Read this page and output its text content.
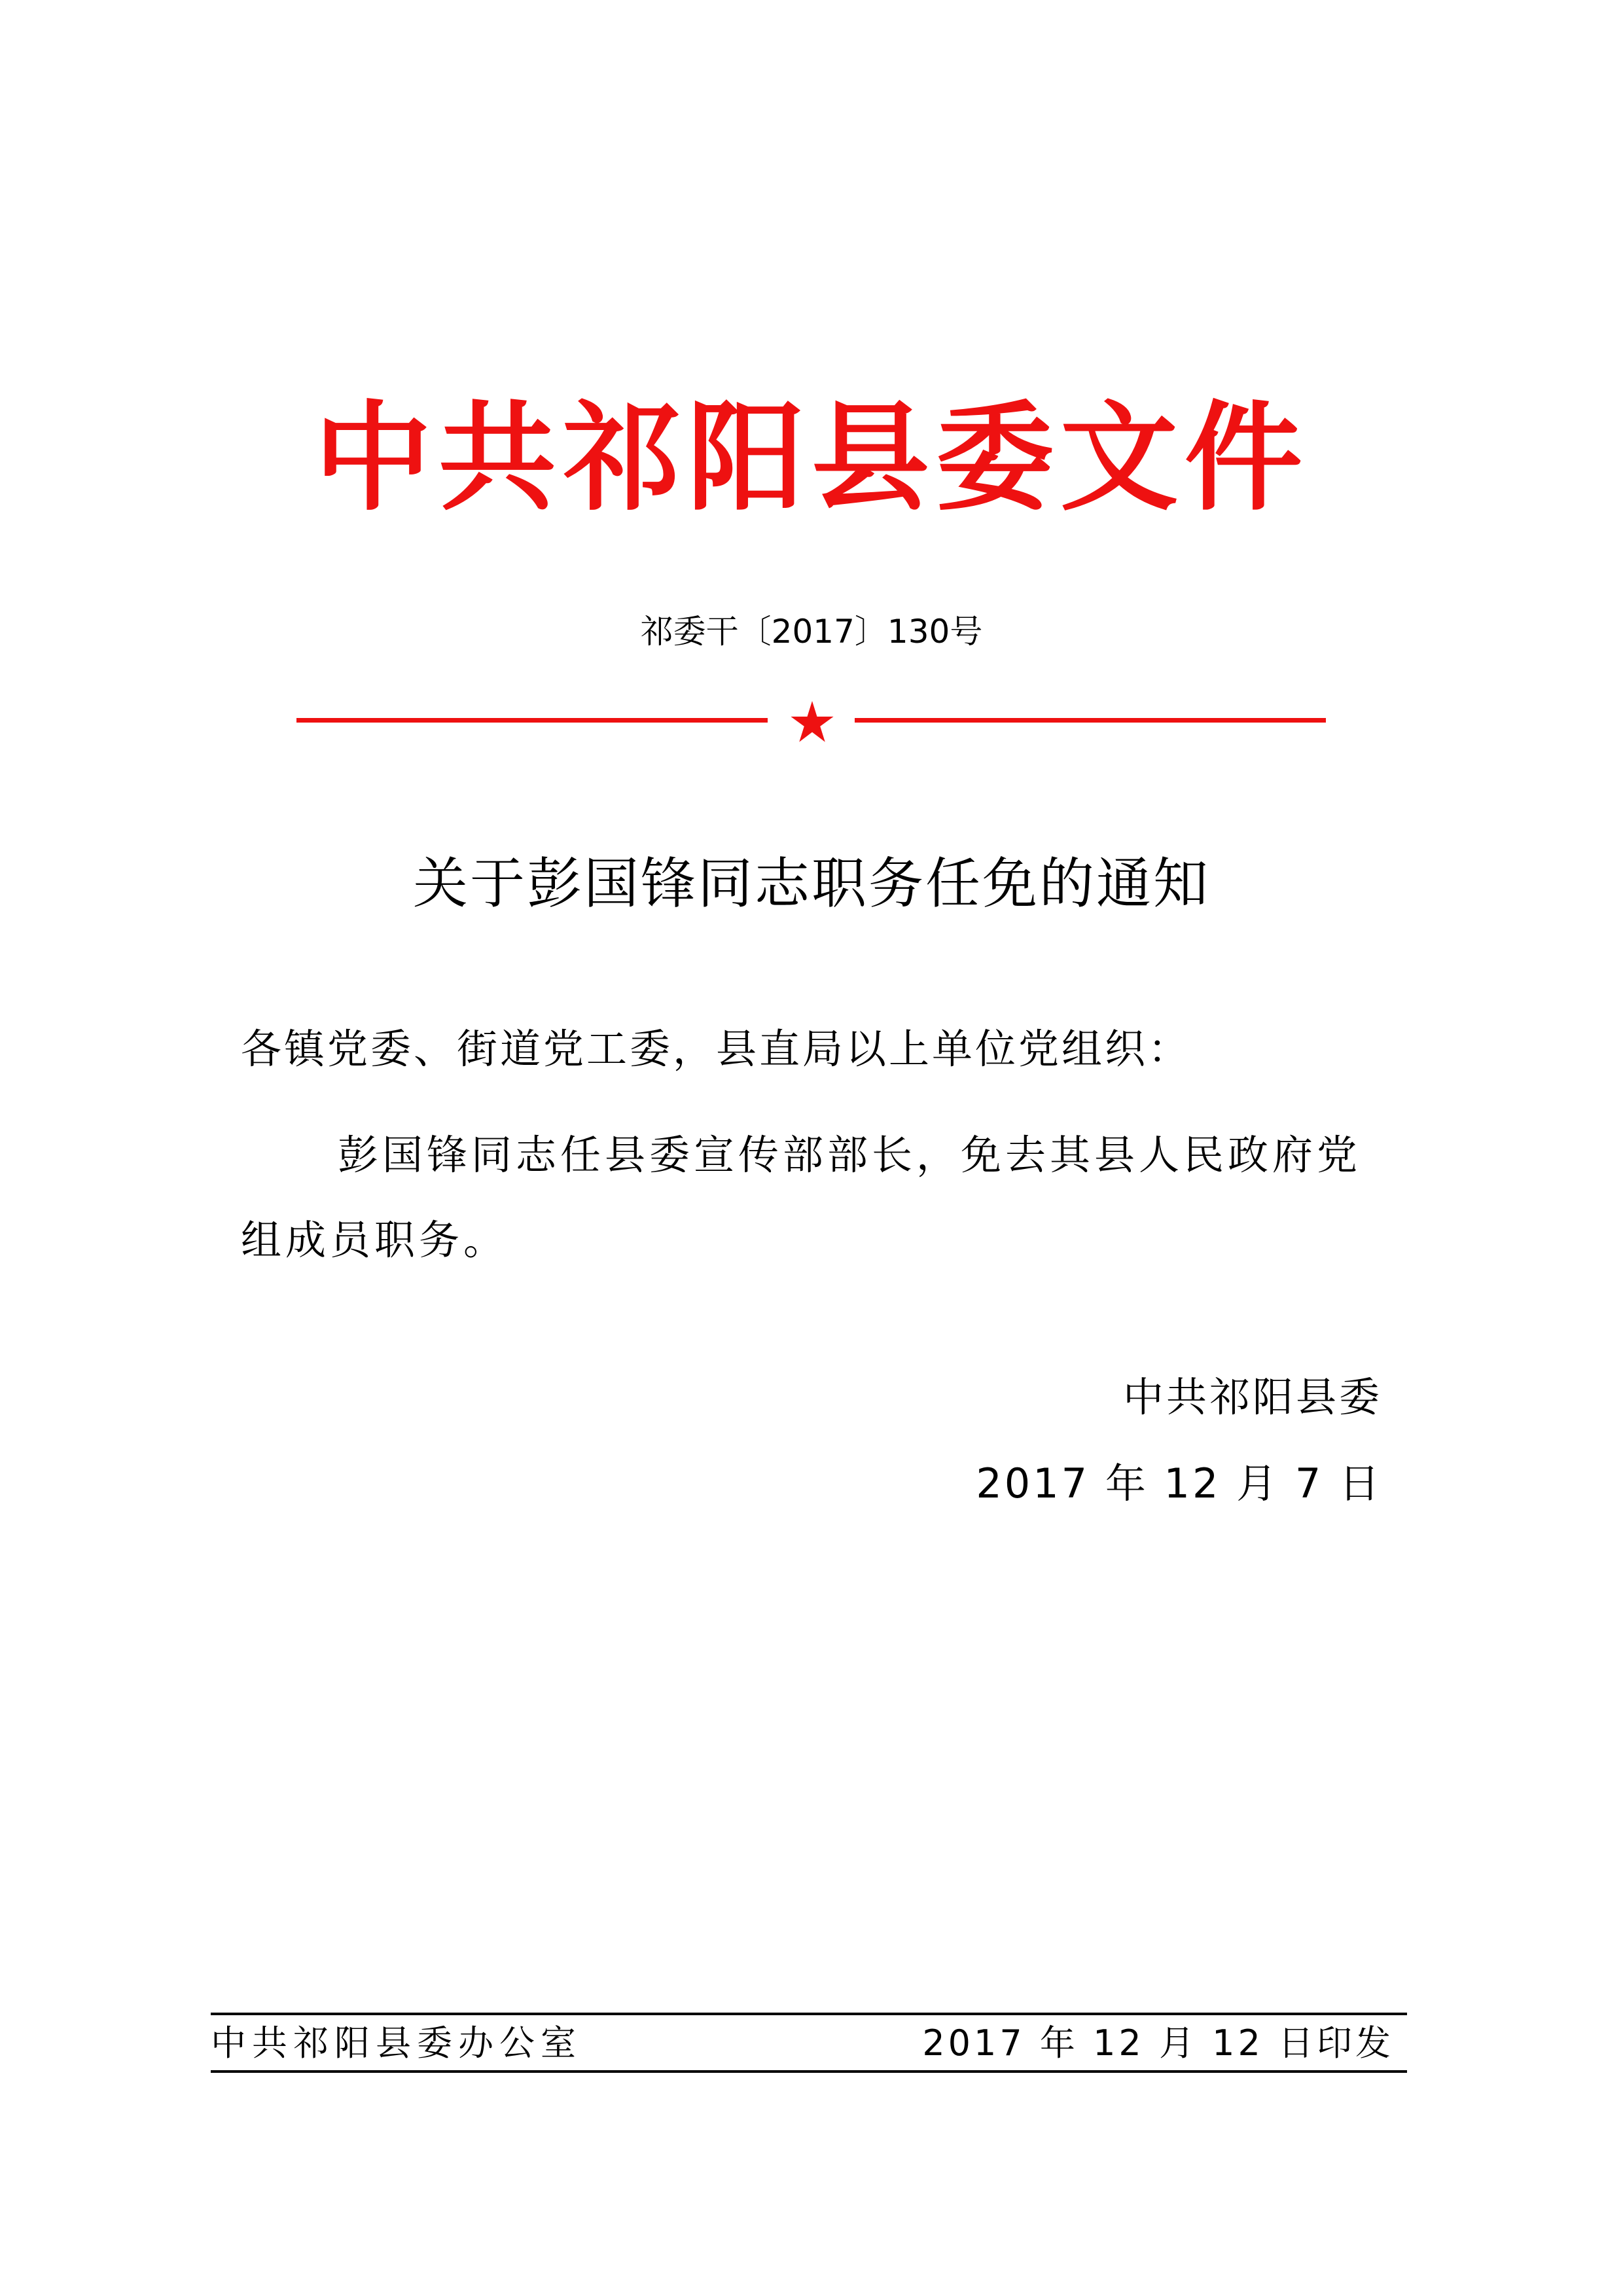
中共祁阳县委文件
祁委干〔2017〕130号
关于彭国锋同志职务任免的通知
各镇党委、街道党工委，县直局以上单位党组织：
彭国锋同志任县委宣传部部长，免去其县人民政府党组成员职务。
中共祁阳县委
2017 年 12 月 7 日
中共祁阳县委办公室	2017 年 12 月 12 日印发
